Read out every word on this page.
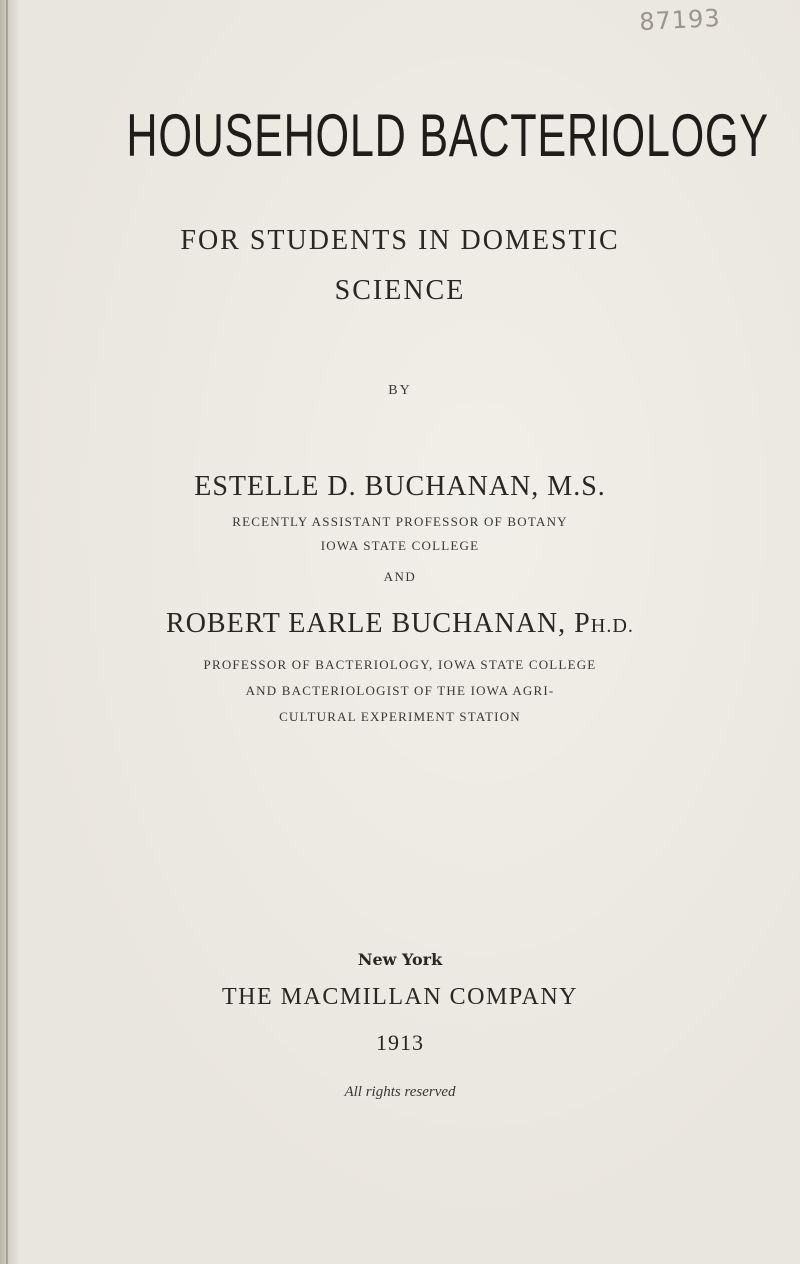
87193
HOUSEHOLD BACTERIOLOGY
FOR STUDENTS IN DOMESTIC
SCIENCE
BY
ESTELLE D. BUCHANAN, M.S.
RECENTLY ASSISTANT PROFESSOR OF BOTANY
IOWA STATE COLLEGE
AND
ROBERT EARLE BUCHANAN, PH.D.
PROFESSOR OF BACTERIOLOGY, IOWA STATE COLLEGE
AND BACTERIOLOGIST OF THE IOWA AGRI-
CULTURAL EXPERIMENT STATION
New York
THE MACMILLAN COMPANY
1913
All rights reserved
